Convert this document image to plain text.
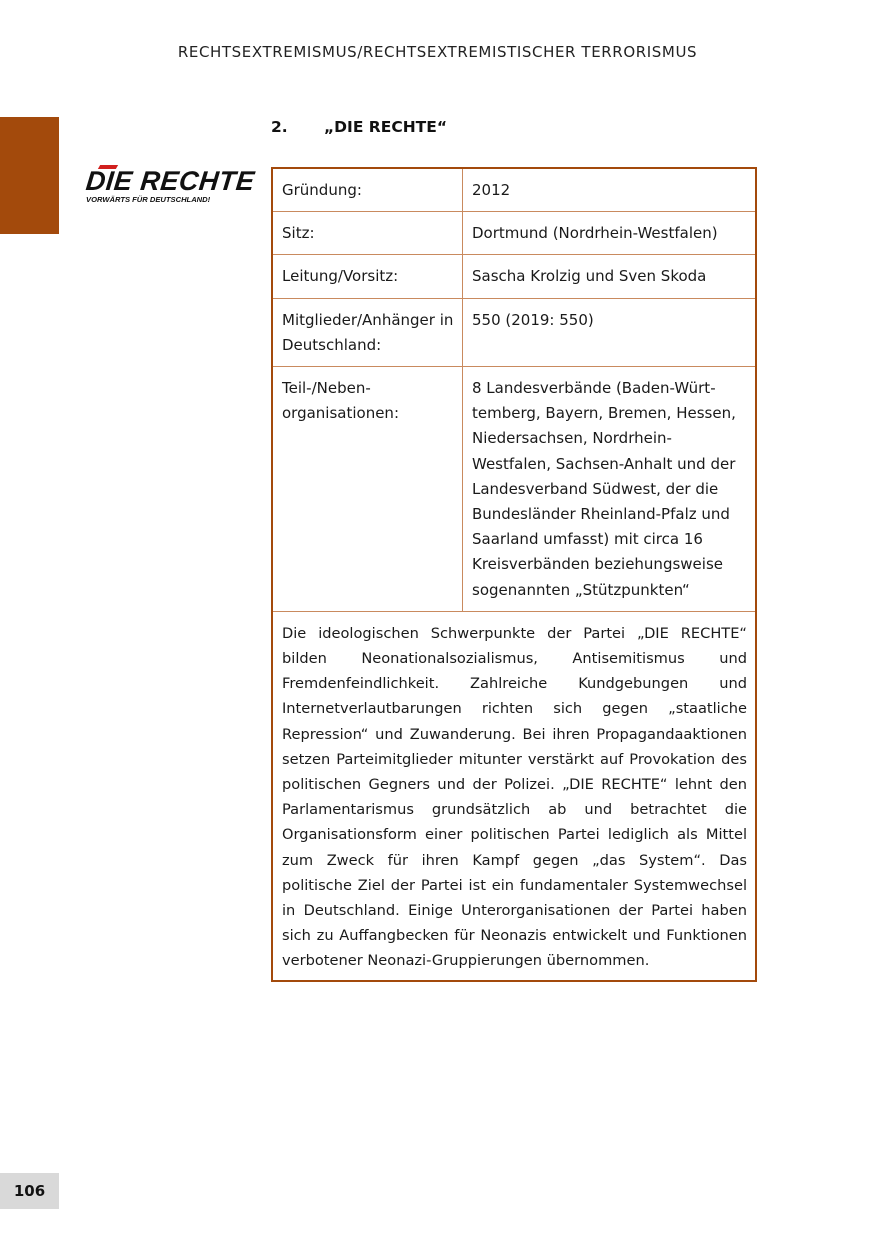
RECHTSEXTREMISMUS/RECHTSEXTREMISTISCHER TERRORISMUS
DIE RECHTE
VORWÄRTS FÜR DEUTSCHLAND!
2. „DIE RECHTE“
Gründung:	2012
Sitz:	Dortmund (Nordrhein-Westfalen)
Leitung/Vorsitz:	Sascha Krolzig und Sven Skoda
Mitglieder/Anhänger in Deutschland:	550 (2019: 550)
Teil-/Nebenorganisationen:	8 Landesverbände (Baden-Württemberg, Bayern, Bremen, Hessen, Niedersachsen, Nordrhein-Westfalen, Sachsen-Anhalt und der Landesverband Südwest, der die Bundesländer Rheinland-Pfalz und Saarland umfasst) mit circa 16 Kreisverbänden beziehungsweise sogenannten „Stützpunkten“
Die ideologischen Schwerpunkte der Partei „DIE RECHTE“ bilden Neonationalsozialismus, Antisemitismus und Fremdenfeindlichkeit. Zahlreiche Kundgebungen und Internetverlautbarungen richten sich gegen „staatliche Repression“ und Zuwanderung. Bei ihren Propagandaaktionen setzen Parteimitglieder mitunter verstärkt auf Provokation des politischen Gegners und der Polizei. „DIE RECHTE“ lehnt den Parlamentarismus grundsätzlich ab und betrachtet die Organisationsform einer politischen Partei lediglich als Mittel zum Zweck für ihren Kampf gegen „das System“. Das politische Ziel der Partei ist ein fundamentaler Systemwechsel in Deutschland. Einige Unterorganisationen der Partei haben sich zu Auffangbecken für Neonazis entwickelt und Funktionen verbotener Neonazi-Gruppierungen übernommen.	
106
